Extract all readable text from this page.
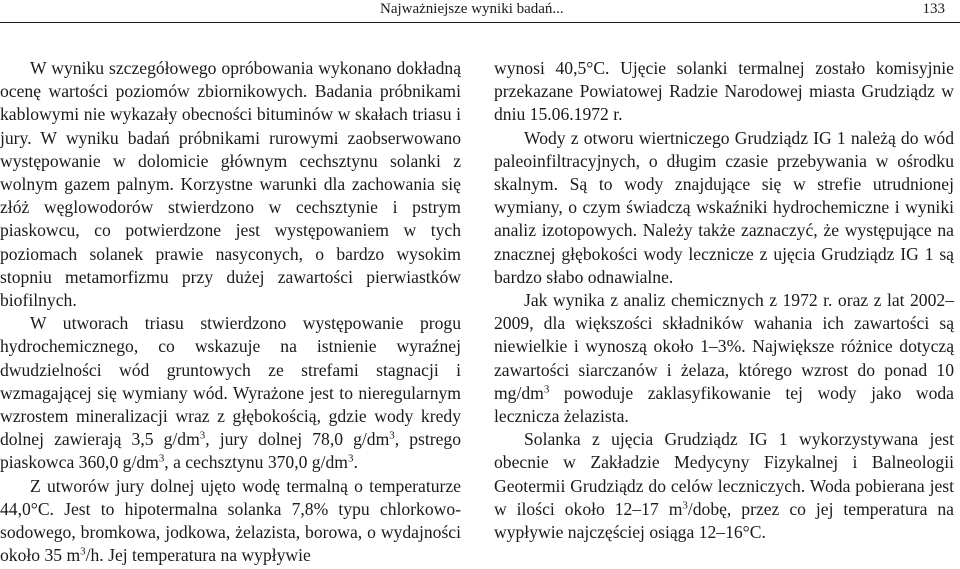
Najważniejsze wyniki badań...	133

W wyniku szczegółowego opróbowania wykonano dokładną ocenę wartości poziomów zbiornikowych. Badania próbnikami kablowymi nie wykazały obecności bituminów w skałach triasu i jury. W wyniku badań próbnikami rurowymi zaobserwowano występowanie w dolomicie głównym cechsztynu solanki z wolnym gazem palnym. Korzystne warunki dla zachowania się złóż węglowodorów stwierdzono w cechsztynie i pstrym piaskowcu, co potwierdzone jest występowaniem w tych poziomach solanek prawie nasyconych, o bardzo wysokim stopniu metamorfizmu przy dużej zawartości pierwiastków biofilnych.

W utworach triasu stwierdzono występowanie progu hydrochemicznego, co wskazuje na istnienie wyraźnej dwudzielności wód gruntowych ze strefami stagnacji i wzmagającej się wymiany wód. Wyrażone jest to nieregularnym wzrostem mineralizacji wraz z głębokością, gdzie wody kredy dolnej zawierają 3,5 $g/dm^3$, jury dolnej 78,0 $g/dm^3$, pstrego piaskowca 360,0 $g/dm^3$, a cechsztynu 370,0 $g/dm^3$.

Z utworów jury dolnej ujęto wodę termalną o temperaturze 44,0°C. Jest to hipotermalna solanka 7,8% typu chlorkowo-sodowego, bromkowa, jodkowa, żelazista, borowa, o wydajności około 35 $m^3/h$. Jej temperatura na wypływie

wynosi 40,5°C. Ujęcie solanki termalnej zostało komisyjnie przekazane Powiatowej Radzie Narodowej miasta Grudziądz w dniu 15.06.1972 r.

Wody z otworu wiertniczego Grudziądz IG 1 należą do wód paleoinfiltracyjnych, o długim czasie przebywania w ośrodku skalnym. Są to wody znajdujące się w strefie utrudnionej wymiany, o czym świadczą wskaźniki hydrochemiczne i wyniki analiz izotopowych. Należy także zaznaczyć, że występujące na znacznej głębokości wody lecznicze z ujęcia Grudziądz IG 1 są bardzo słabo odnawialne.

Jak wynika z analiz chemicznych z 1972 r. oraz z lat 2002–2009, dla większości składników wahania ich zawartości są niewielkie i wynoszą około 1–3%. Największe różnice dotyczą zawartości siarczanów i żelaza, którego wzrost do ponad 10 $mg/dm^3$ powoduje zaklasyfikowanie tej wody jako woda lecznicza żelazista.

Solanka z ujęcia Grudziądz IG 1 wykorzystywana jest obecnie w Zakładzie Medycyny Fizykalnej i Balneologii Geotermii Grudziądz do celów leczniczych. Woda pobierana jest w ilości około 12–17 $m^3$/dobę, przez co jej temperatura na wypływie najczęściej osiąga 12–16°C.
